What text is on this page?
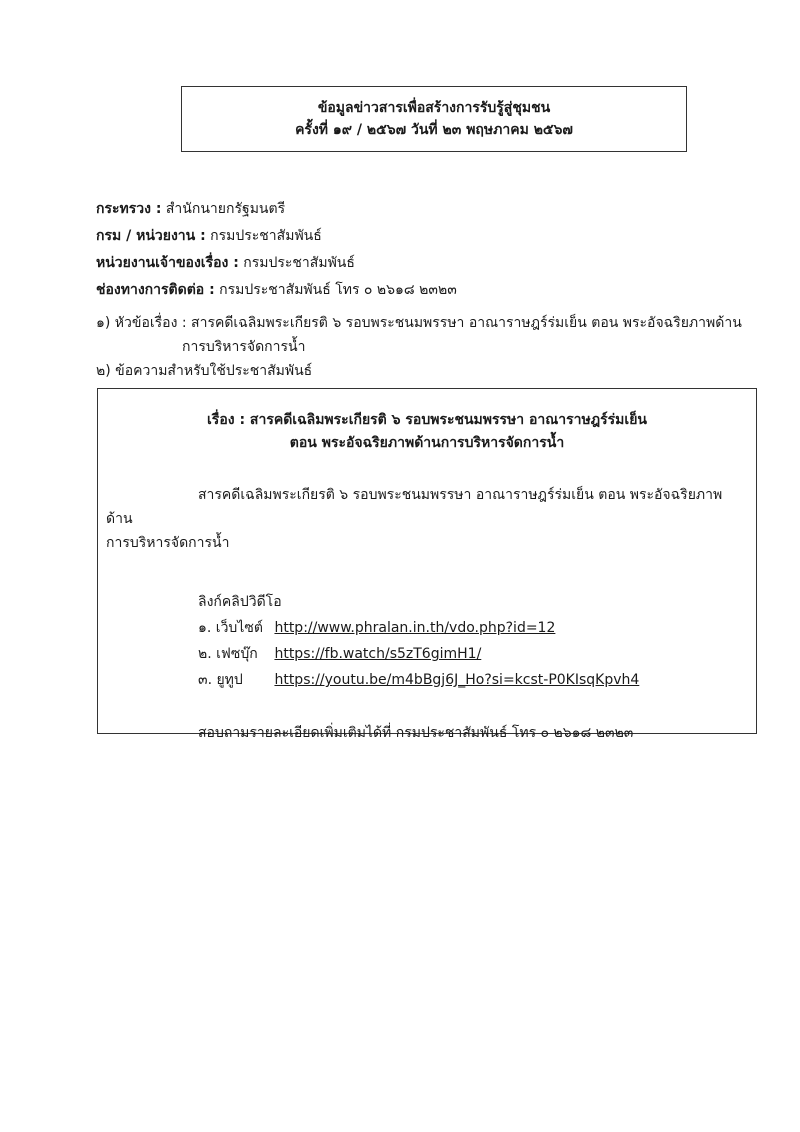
ข้อมูลข่าวสารเพื่อสร้างการรับรู้สู่ชุมชน
ครั้งที่ ๑๙ / ๒๕๖๗ วันที่ ๒๓ พฤษภาคม ๒๕๖๗
กระทรวง : สำนักนายกรัฐมนตรี
กรม / หน่วยงาน : กรมประชาสัมพันธ์
หน่วยงานเจ้าของเรื่อง : กรมประชาสัมพันธ์
ช่องทางการติดต่อ : กรมประชาสัมพันธ์ โทร ๐ ๒๖๑๘ ๒๓๒๓
๑) หัวข้อเรื่อง : สารคดีเฉลิมพระเกียรติ ๖ รอบพระชนมพรรษา อาณาราษฎร์ร่มเย็น ตอน พระอัจฉริยภาพด้าน
การบริหารจัดการน้ำ
๒) ข้อความสำหรับใช้ประชาสัมพันธ์
เรื่อง : สารคดีเฉลิมพระเกียรติ ๖ รอบพระชนมพรรษา อาณาราษฎร์ร่มเย็น
ตอน พระอัจฉริยภาพด้านการบริหารจัดการน้ำ
สารคดีเฉลิมพระเกียรติ ๖ รอบพระชนมพรรษา อาณาราษฎร์ร่มเย็น ตอน พระอัจฉริยภาพด้าน
การบริหารจัดการน้ำ
ลิงก์คลิปวิดีโอ
๑. เว็บไซต์ http://www.phralan.in.th/vdo.php?id=12
๒. เฟซบุ๊ก https://fb.watch/s5zT6gimH1/
๓. ยูทูป https://youtu.be/m4bBgj6J_Ho?si=kcst-P0KIsqKpvh4
สอบถามรายละเอียดเพิ่มเติมได้ที่ กรมประชาสัมพันธ์ โทร ๐ ๒๖๑๘ ๒๓๒๓
